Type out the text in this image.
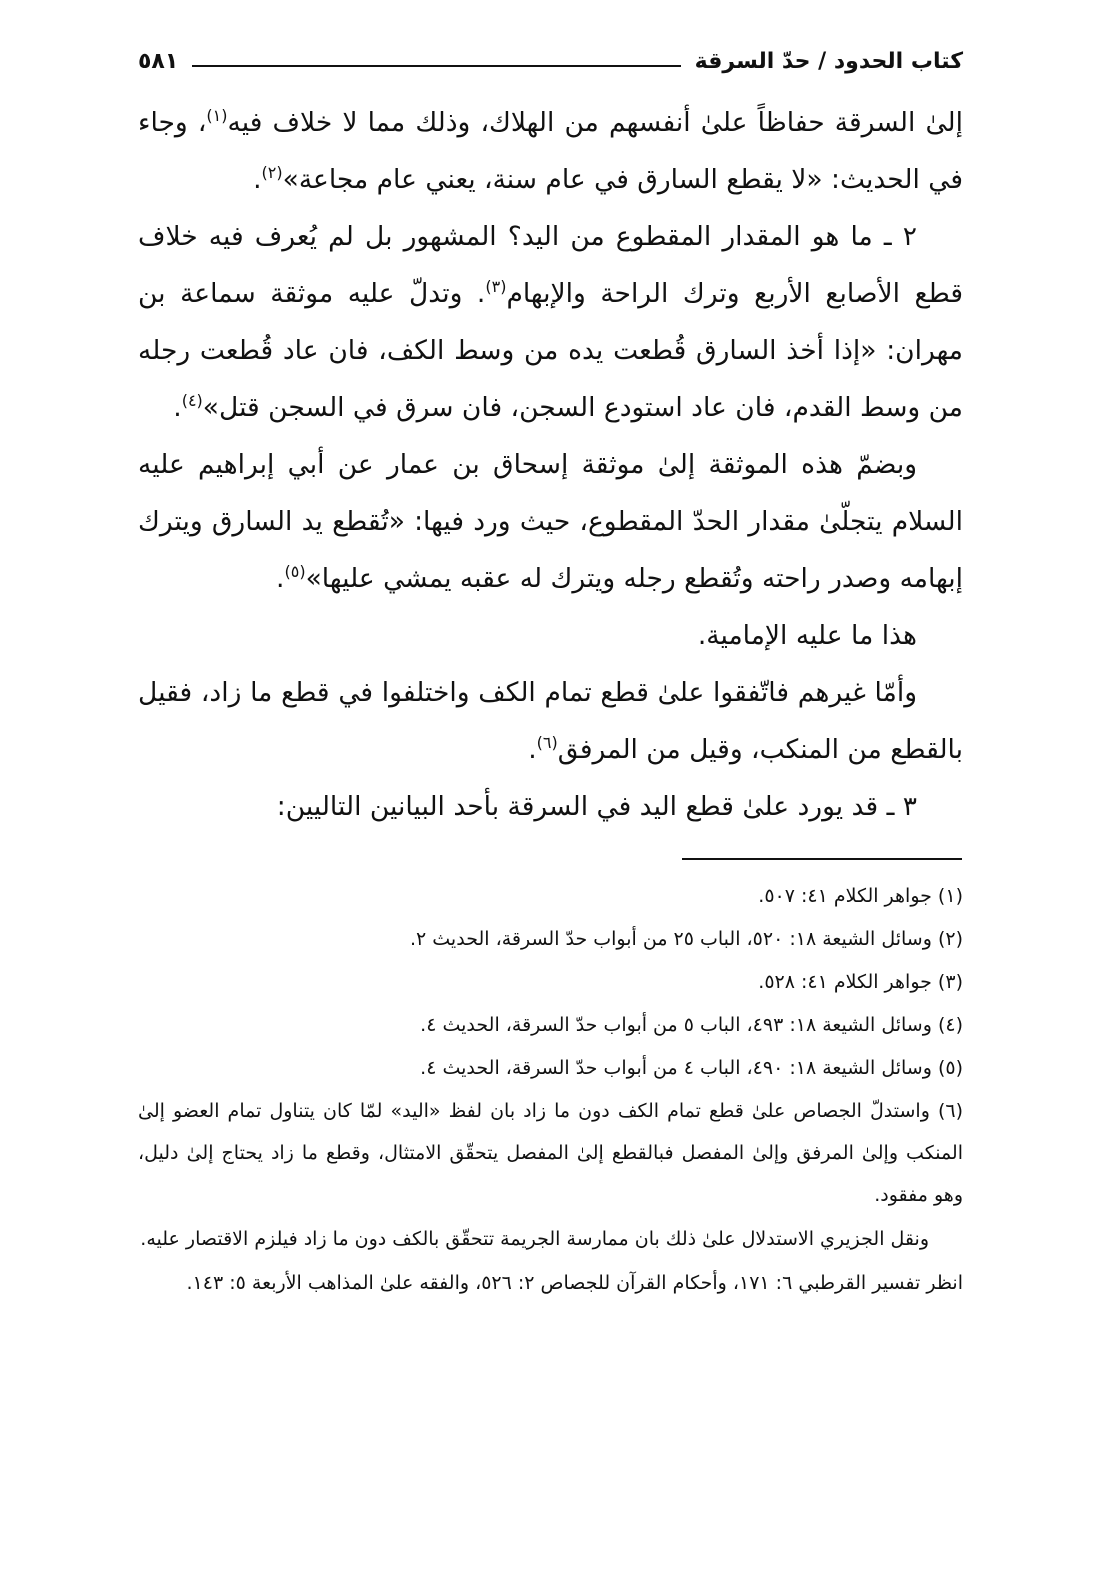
كتاب الحدود / حدّ السرقة
٥٨١

إلىٰ السرقة حفاظاً علىٰ أنفسهم من الهلاك، وذلك مما لا خلاف فيه$^{(١)}$، وجاء في الحديث: «لا يقطع السارق في عام سنة، يعني عام مجاعة»$^{(٢)}$.

٢ ـ ما هو المقدار المقطوع من اليد؟ المشهور بل لم يُعرف فيه خلاف قطع الأصابع الأربع وترك الراحة والإبهام$^{(٣)}$. وتدلّ عليه موثقة سماعة بن مهران: «إذا أخذ السارق قُطعت يده من وسط الكف، فان عاد قُطعت رجله من وسط القدم، فان عاد استودع السجن، فان سرق في السجن قتل»$^{(٤)}$.

وبضمّ هذه الموثقة إلىٰ موثقة إسحاق بن عمار عن أبي إبراهيم عليه السلام يتجلّىٰ مقدار الحدّ المقطوع، حيث ورد فيها: «تُقطع يد السارق ويترك إبهامه وصدر راحته وتُقطع رجله ويترك له عقبه يمشي عليها»$^{(٥)}$.

هذا ما عليه الإمامية.

وأمّا غيرهم فاتّفقوا علىٰ قطع تمام الكف واختلفوا في قطع ما زاد، فقيل بالقطع من المنكب، وقيل من المرفق$^{(٦)}$.

٣ ـ قد يورد علىٰ قطع اليد في السرقة بأحد البيانين التاليين:

(١) جواهر الكلام ٤١: ٥٠٧.

(٢) وسائل الشيعة ١٨: ٥٢٠، الباب ٢٥ من أبواب حدّ السرقة، الحديث ٢.

(٣) جواهر الكلام ٤١: ٥٢٨.

(٤) وسائل الشيعة ١٨: ٤٩٣، الباب ٥ من أبواب حدّ السرقة، الحديث ٤.

(٥) وسائل الشيعة ١٨: ٤٩٠، الباب ٤ من أبواب حدّ السرقة، الحديث ٤.

(٦) واستدلّ الجصاص علىٰ قطع تمام الكف دون ما زاد بان لفظ «اليد» لمّا كان يتناول تمام العضو إلىٰ المنكب وإلىٰ المرفق وإلىٰ المفصل فبالقطع إلىٰ المفصل يتحقّق الامتثال، وقطع ما زاد يحتاج إلىٰ دليل، وهو مفقود.

ونقل الجزيري الاستدلال علىٰ ذلك بان ممارسة الجريمة تتحقّق بالكف دون ما زاد فيلزم الاقتصار عليه.

انظر تفسير القرطبي ٦: ١٧١، وأحكام القرآن للجصاص ٢: ٥٢٦، والفقه علىٰ المذاهب الأربعة ٥: ١٤٣.
